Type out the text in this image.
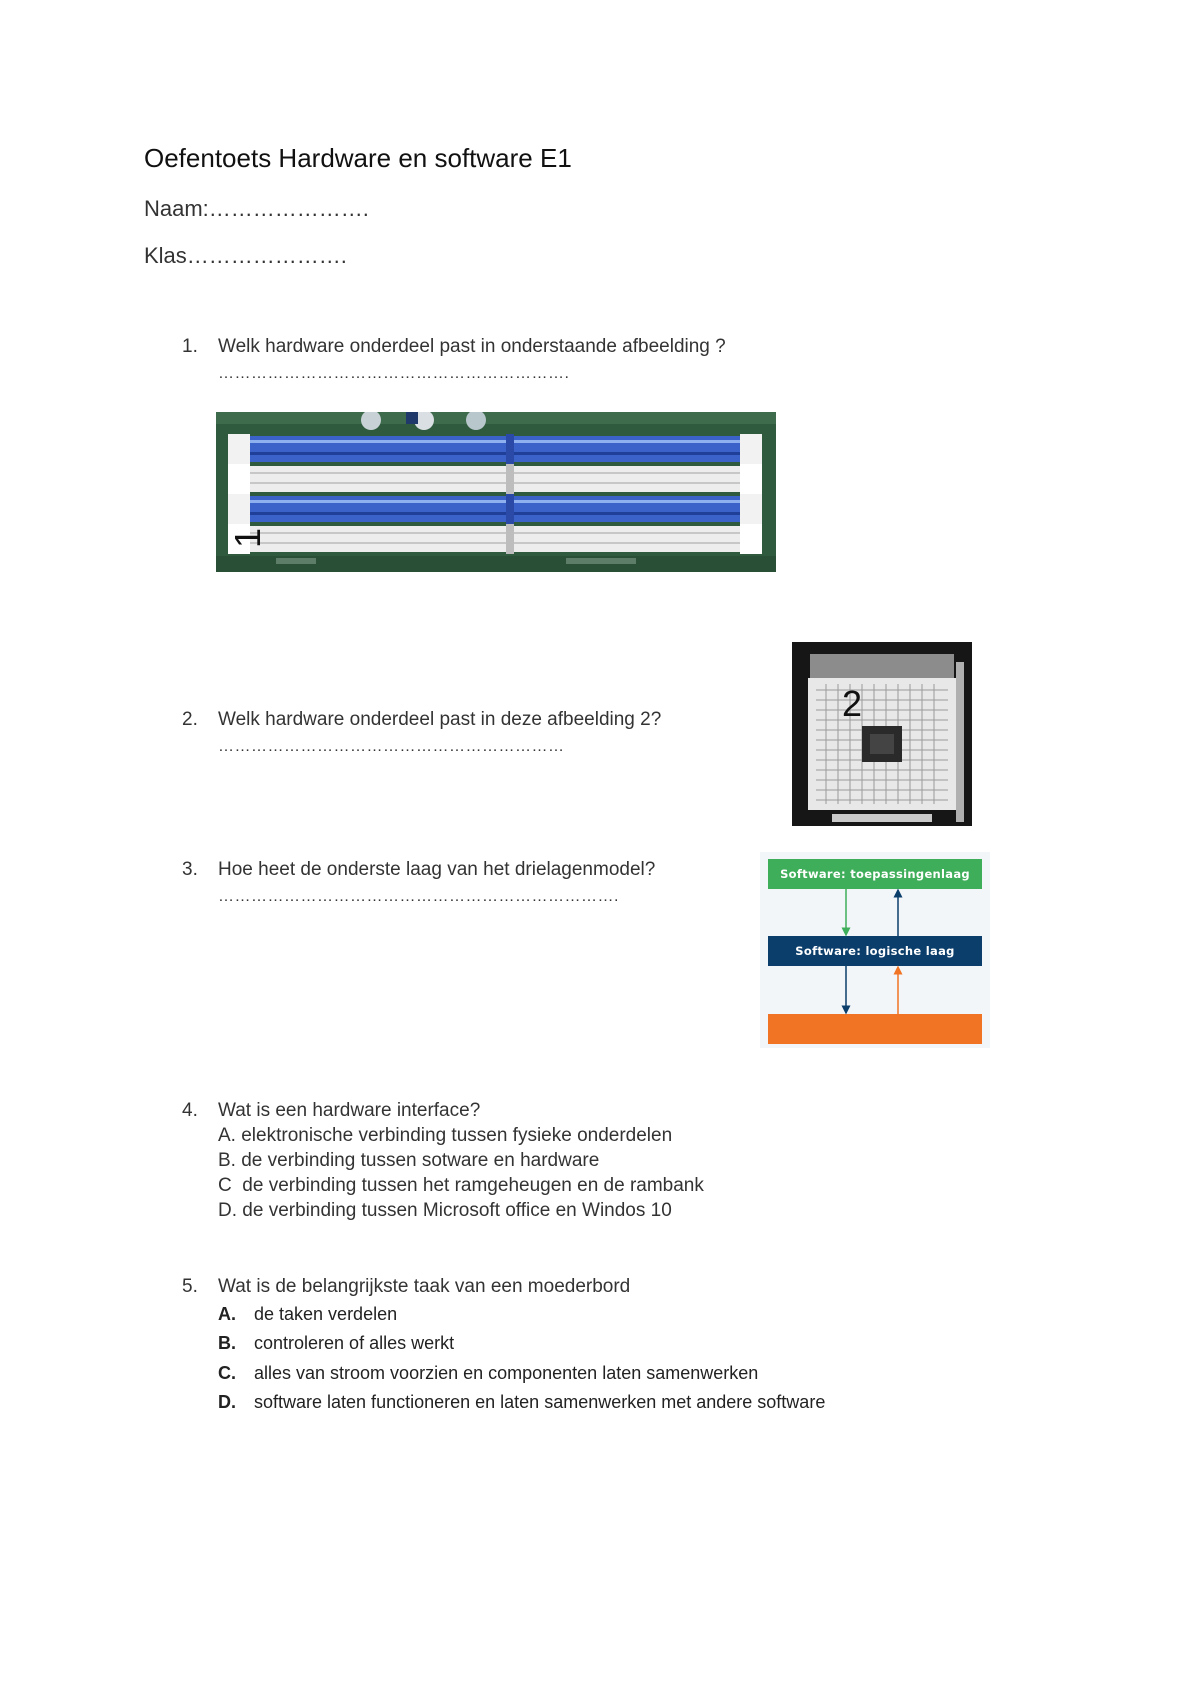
Oefentoets Hardware en software E1
Naam:………………….
Klas………………….
1.	Welk hardware onderdeel past in onderstaande afbeelding ?
……………………………………………………….
1
2.	Welk hardware onderdeel past in deze afbeelding 2?
………………………………………………………
2
3.	Hoe heet de onderste laag van het drielagenmodel?
……………………………………………………………….
Software: toepassingenlaag
Software: logische laag
4.	Wat is een hardware interface?
A. elektronische verbinding tussen fysieke onderdelen
B. de verbinding tussen sotware en hardware
C  de verbinding tussen het ramgeheugen en de rambank
D. de verbinding tussen Microsoft office en Windos 10
5.	Wat is de belangrijkste taak van een moederbord
A. de taken verdelen
B. controleren of alles werkt
C. alles van stroom voorzien en componenten laten samenwerken
D. software laten functioneren en laten samenwerken met andere software
